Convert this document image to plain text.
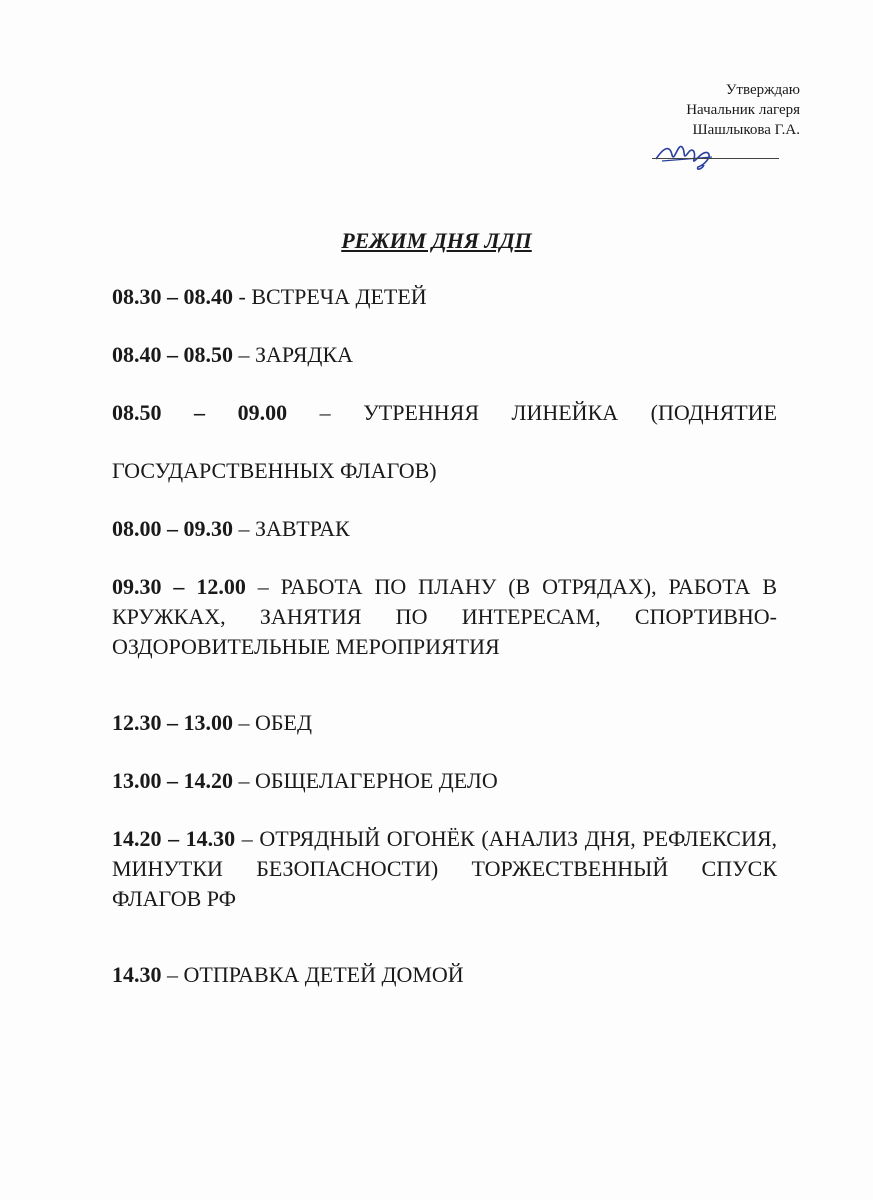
Утверждаю
Начальник лагеря
Шашлыкова Г.А.
РЕЖИМ ДНЯ ЛДП
08.30 – 08.40 - ВСТРЕЧА ДЕТЕЙ
08.40 – 08.50 – ЗАРЯДКА
08.50 – 09.00 – УТРЕННЯЯ ЛИНЕЙКА (ПОДНЯТИЕ
ГОСУДАРСТВЕННЫХ ФЛАГОВ)
08.00 – 09.30 – ЗАВТРАК
09.30 – 12.00 – РАБОТА ПО ПЛАНУ (В ОТРЯДАХ), РАБОТА В КРУЖКАХ, ЗАНЯТИЯ ПО ИНТЕРЕСАМ, СПОРТИВНО-ОЗДОРОВИТЕЛЬНЫЕ МЕРОПРИЯТИЯ
12.30 – 13.00 – ОБЕД
13.00 – 14.20 – ОБЩЕЛАГЕРНОЕ ДЕЛО
14.20 – 14.30 – ОТРЯДНЫЙ ОГОНЁК (АНАЛИЗ ДНЯ, РЕФЛЕКСИЯ, МИНУТКИ БЕЗОПАСНОСТИ) ТОРЖЕСТВЕННЫЙ СПУСК ФЛАГОВ РФ
14.30 – ОТПРАВКА ДЕТЕЙ ДОМОЙ
